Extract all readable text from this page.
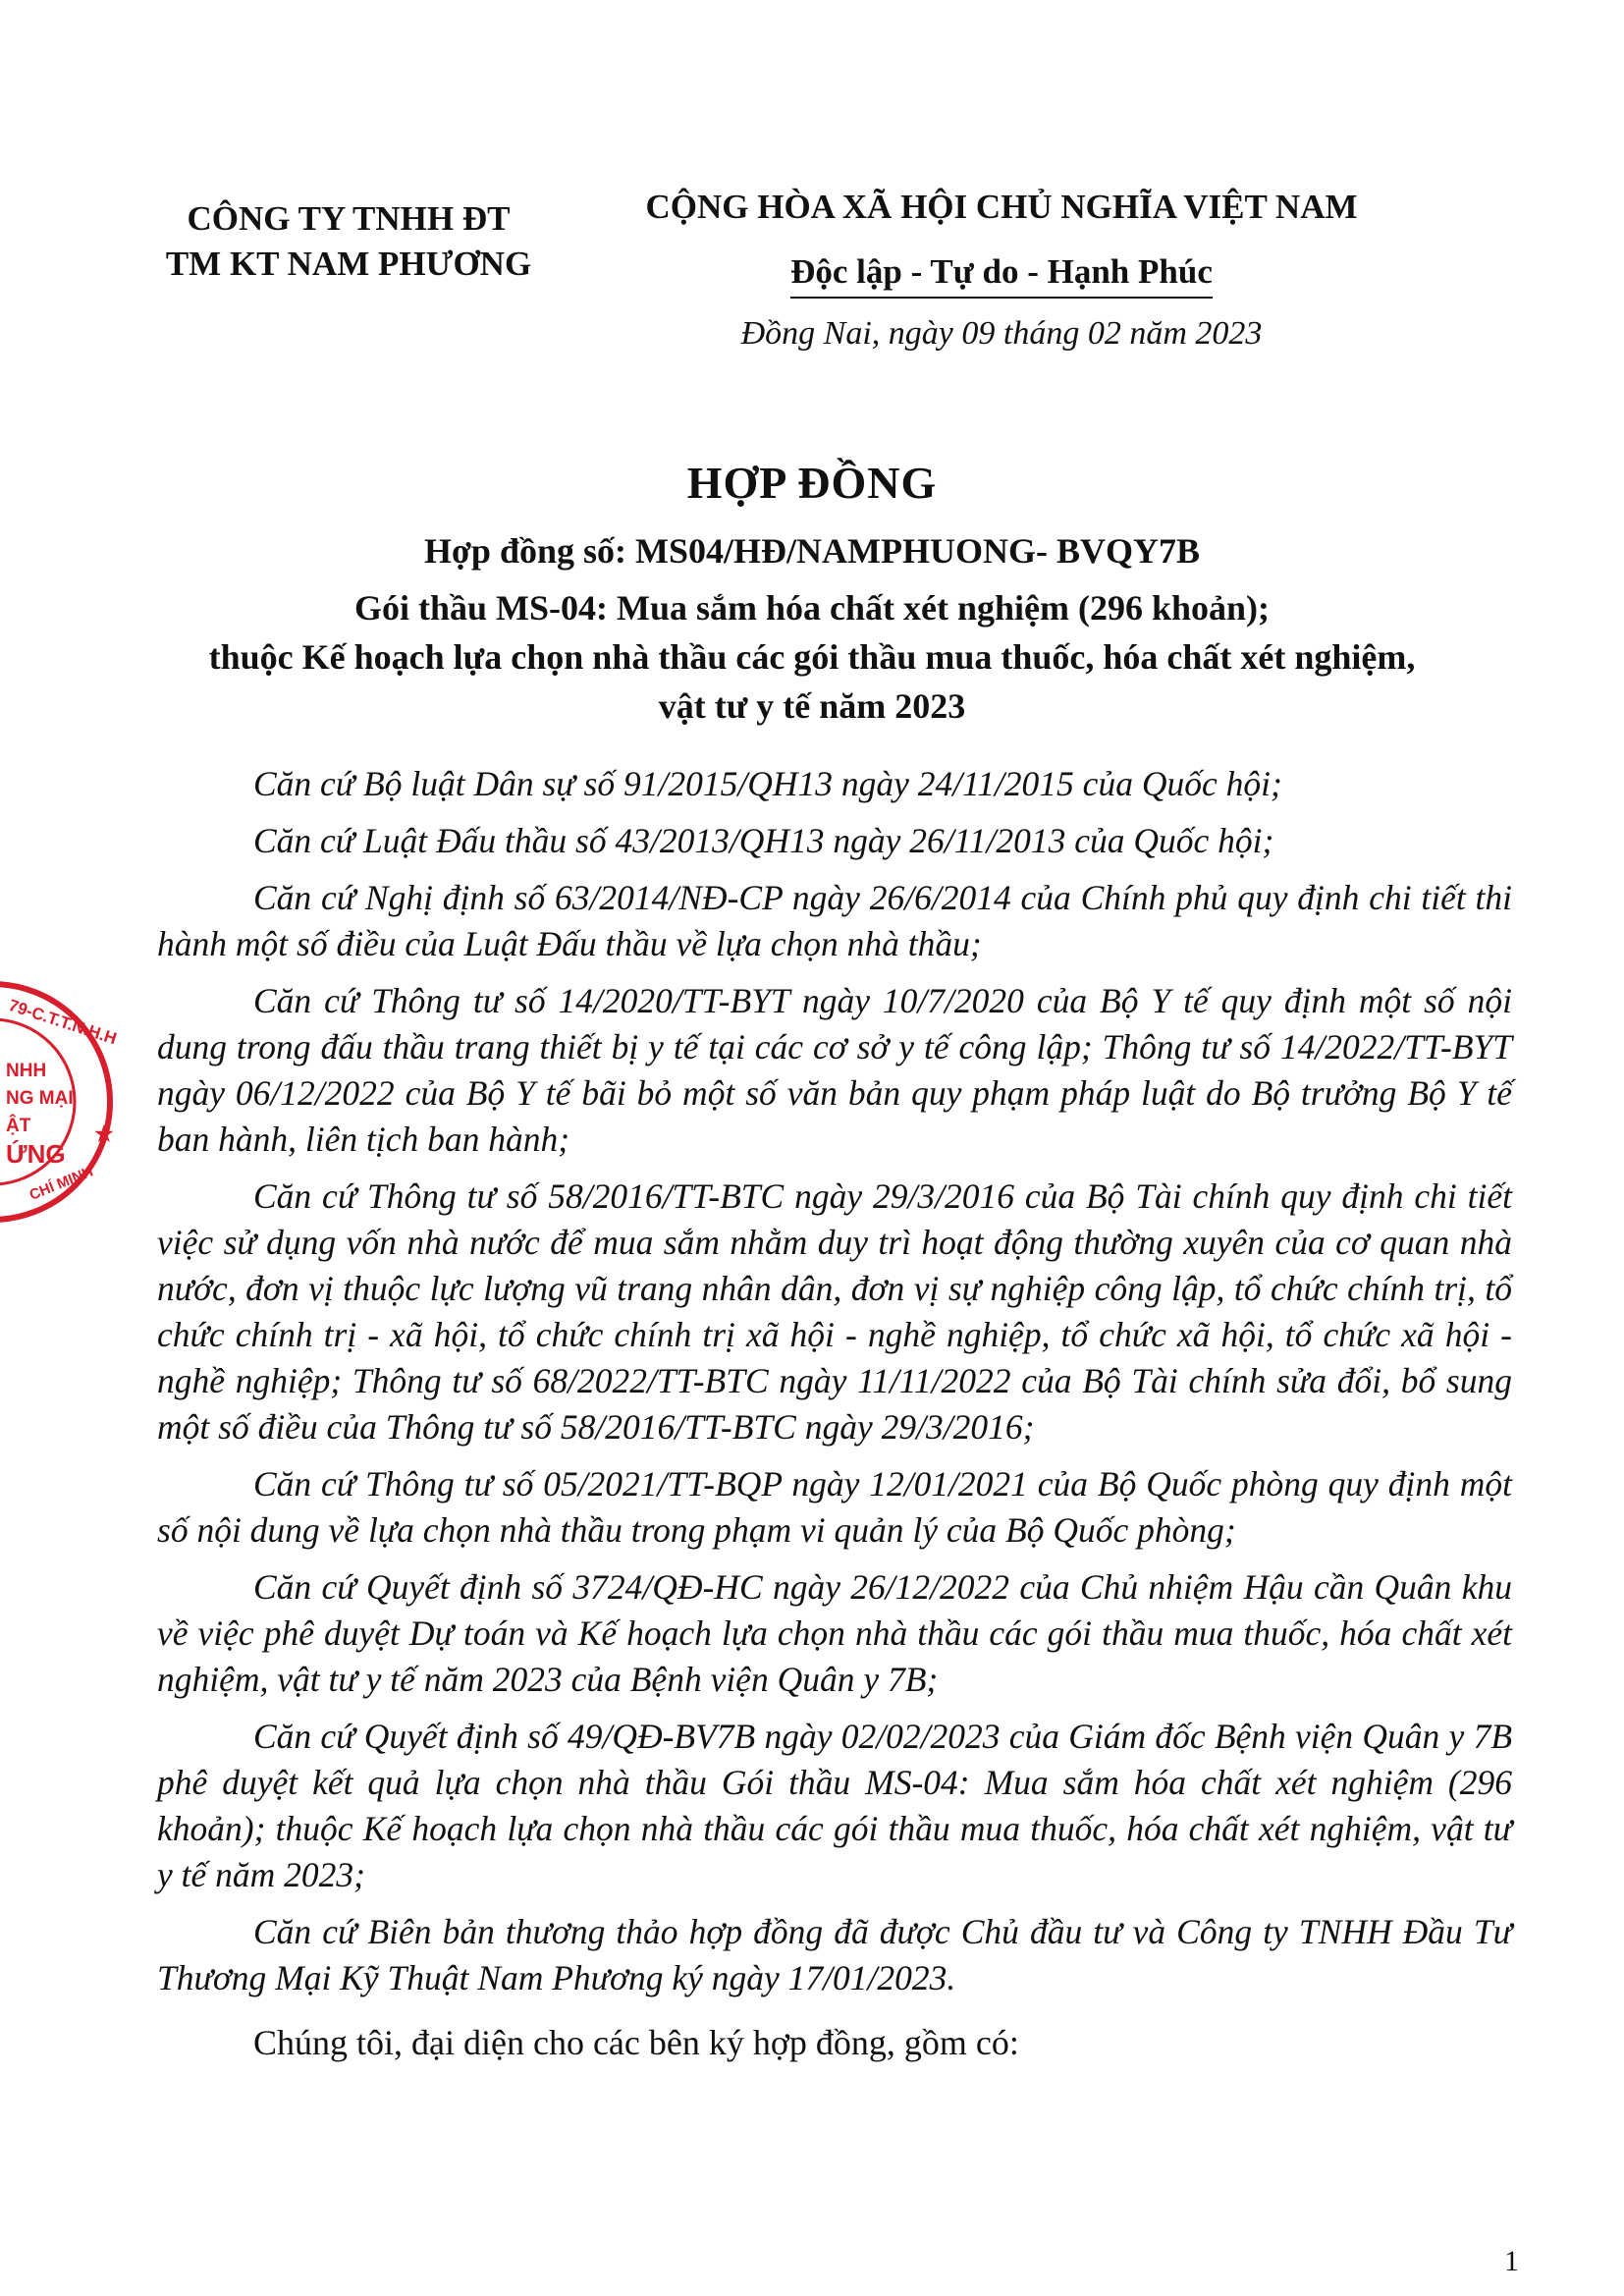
CÔNG TY TNHH ĐT
TM KT NAM PHƯƠNG
CỘNG HÒA XÃ HỘI CHỦ NGHĨA VIỆT NAM
Độc lập - Tự do - Hạnh Phúc
Đồng Nai, ngày 09 tháng 02 năm 2023
HỢP ĐỒNG
Hợp đồng số: MS04/HĐ/NAMPHUONG- BVQY7B
Gói thầu MS-04: Mua sắm hóa chất xét nghiệm (296 khoản);
thuộc Kế hoạch lựa chọn nhà thầu các gói thầu mua thuốc, hóa chất xét nghiệm,
vật tư y tế năm 2023

Căn cứ Bộ luật Dân sự số 91/2015/QH13 ngày 24/11/2015 của Quốc hội;

Căn cứ Luật Đấu thầu số 43/2013/QH13 ngày 26/11/2013 của Quốc hội;

Căn cứ Nghị định số 63/2014/NĐ-CP ngày 26/6/2014 của Chính phủ quy định chi tiết thi hành một số điều của Luật Đấu thầu về lựa chọn nhà thầu;

Căn cứ Thông tư số 14/2020/TT-BYT ngày 10/7/2020 của Bộ Y tế quy định một số nội dung trong đấu thầu trang thiết bị y tế tại các cơ sở y tế công lập; Thông tư số 14/2022/TT-BYT ngày 06/12/2022 của Bộ Y tế bãi bỏ một số văn bản quy phạm pháp luật do Bộ trưởng Bộ Y tế ban hành, liên tịch ban hành;

Căn cứ Thông tư số 58/2016/TT-BTC ngày 29/3/2016 của Bộ Tài chính quy định chi tiết việc sử dụng vốn nhà nước để mua sắm nhằm duy trì hoạt động thường xuyên của cơ quan nhà nước, đơn vị thuộc lực lượng vũ trang nhân dân, đơn vị sự nghiệp công lập, tổ chức chính trị, tổ chức chính trị - xã hội, tổ chức chính trị xã hội - nghề nghiệp, tổ chức xã hội, tổ chức xã hội - nghề nghiệp; Thông tư số 68/2022/TT-BTC ngày 11/11/2022 của Bộ Tài chính sửa đổi, bổ sung một số điều của Thông tư số 58/2016/TT-BTC ngày 29/3/2016;

Căn cứ Thông tư số 05/2021/TT-BQP ngày 12/01/2021 của Bộ Quốc phòng quy định một số nội dung về lựa chọn nhà thầu trong phạm vi quản lý của Bộ Quốc phòng;

Căn cứ Quyết định số 3724/QĐ-HC ngày 26/12/2022 của Chủ nhiệm Hậu cần Quân khu về việc phê duyệt Dự toán và Kế hoạch lựa chọn nhà thầu các gói thầu mua thuốc, hóa chất xét nghiệm, vật tư y tế năm 2023 của Bệnh viện Quân y 7B;

Căn cứ Quyết định số 49/QĐ-BV7B ngày 02/02/2023 của Giám đốc Bệnh viện Quân y 7B phê duyệt kết quả lựa chọn nhà thầu Gói thầu MS-04: Mua sắm hóa chất xét nghiệm (296 khoản); thuộc Kế hoạch lựa chọn nhà thầu các gói thầu mua thuốc, hóa chất xét nghiệm, vật tư y tế năm 2023;

Căn cứ Biên bản thương thảo hợp đồng đã được Chủ đầu tư và Công ty TNHH Đầu Tư Thương Mại Kỹ Thuật Nam Phương ký ngày 17/01/2023.

Chúng tôi, đại diện cho các bên ký hợp đồng, gồm có:
1
79-C.T.T.N.H.H
NHH
NG MẠI
ẬT
ỨNG
CHÍ MINH
★
